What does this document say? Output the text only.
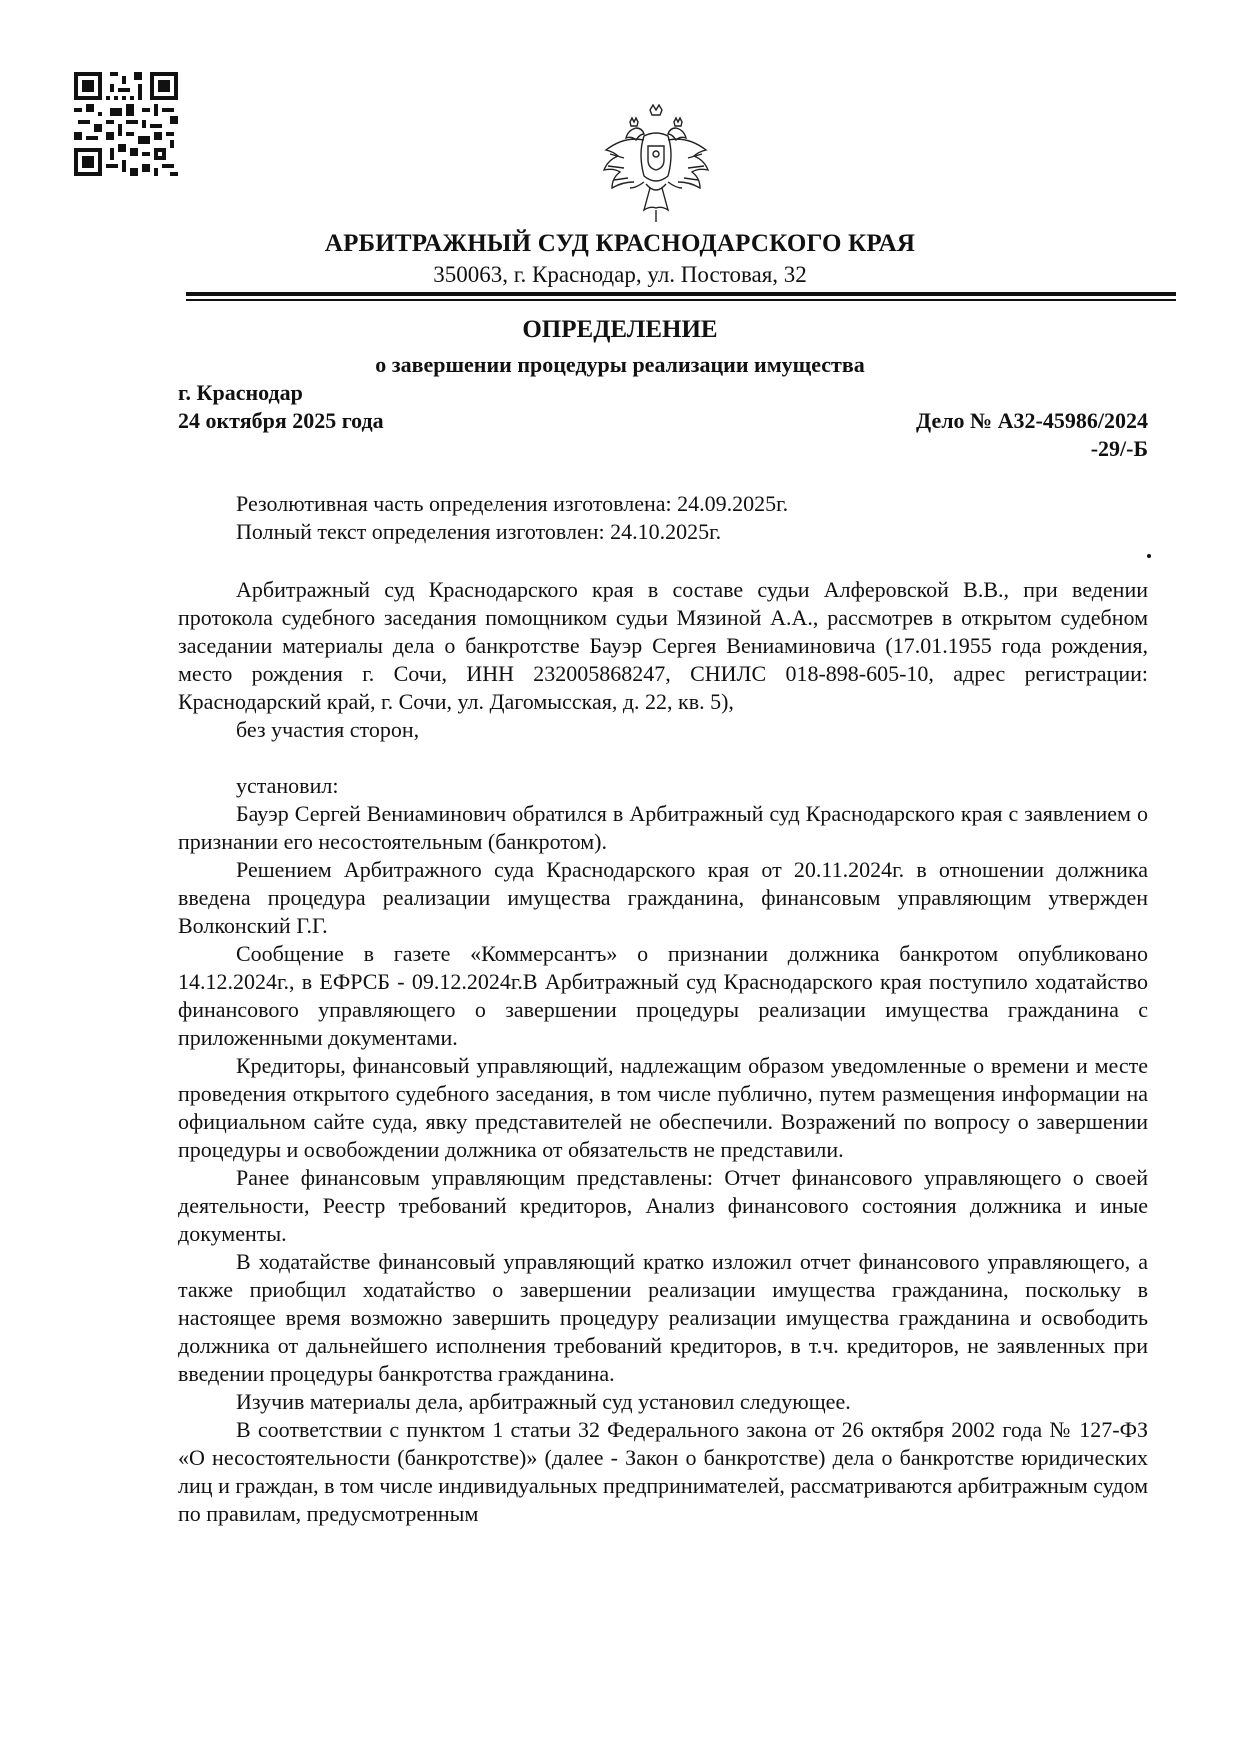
АРБИТРАЖНЫЙ СУД КРАСНОДАРСКОГО КРАЯ
350063, г. Краснодар, ул. Постовая, 32
ОПРЕДЕЛЕНИЕ
о завершении процедуры реализации имущества
г. Краснодар
24 октября 2025 года	Дело № А32-45986/2024
-29/-Б

Резолютивная часть определения изготовлена: 24.09.2025г.

Полный текст определения изготовлен: 24.10.2025г.

Арбитражный суд Краснодарского края в составе судьи Алферовской В.В., при ведении протокола судебного заседания помощником судьи Мязиной А.А., рассмотрев в открытом судебном заседании материалы дела о банкротстве Бауэр Сергея Вениаминовича (17.01.1955 года рождения, место рождения г. Сочи, ИНН 232005868247, СНИЛС 018-898-605-10, адрес регистрации: Краснодарский край, г. Сочи, ул. Дагомысская, д. 22, кв. 5),

без участия сторон,

установил:

Бауэр Сергей Вениаминович обратился в Арбитражный суд Краснодарского края с заявлением о признании его несостоятельным (банкротом).

Решением Арбитражного суда Краснодарского края от 20.11.2024г. в отношении должника введена процедура реализации имущества гражданина, финансовым управляющим утвержден Волконский Г.Г.

Сообщение в газете «Коммерсантъ» о признании должника банкротом опубликовано 14.12.2024г., в ЕФРСБ - 09.12.2024г.В Арбитражный суд Краснодарского края поступило ходатайство финансового управляющего о завершении процедуры реализации имущества гражданина с приложенными документами.

Кредиторы, финансовый управляющий, надлежащим образом уведомленные о времени и месте проведения открытого судебного заседания, в том числе публично, путем размещения информации на официальном сайте суда, явку представителей не обеспечили. Возражений по вопросу о завершении процедуры и освобождении должника от обязательств не представили.

Ранее финансовым управляющим представлены: Отчет финансового управляющего о своей деятельности, Реестр требований кредиторов, Анализ финансового состояния должника и иные документы.

В ходатайстве финансовый управляющий кратко изложил отчет финансового управляющего, а также приобщил ходатайство о завершении реализации имущества гражданина, поскольку в настоящее время возможно завершить процедуру реализации имущества гражданина и освободить должника от дальнейшего исполнения требований кредиторов, в т.ч. кредиторов, не заявленных при введении процедуры банкротства гражданина.

Изучив материалы дела, арбитражный суд установил следующее.

В соответствии с пунктом 1 статьи 32 Федерального закона от 26 октября 2002 года № 127-ФЗ «О несостоятельности (банкротстве)» (далее - Закон о банкротстве) дела о банкротстве юридических лиц и граждан, в том числе индивидуальных предпринимателей, рассматриваются арбитражным судом по правилам, предусмотренным
